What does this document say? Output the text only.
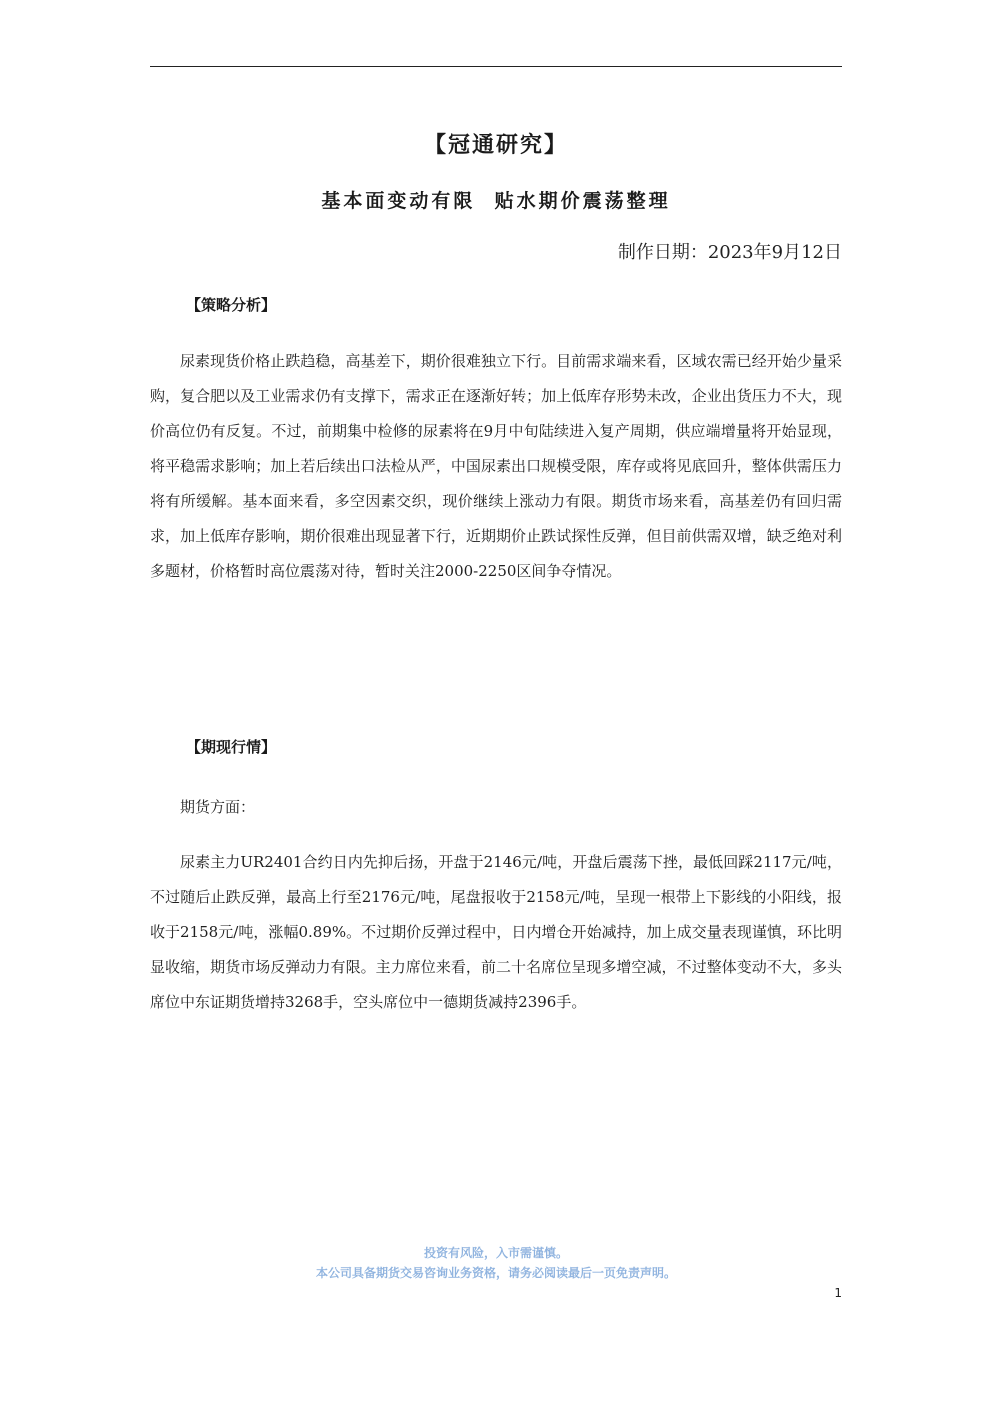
【冠通研究】
基本面变动有限  贴水期价震荡整理
制作日期：2023年9月12日
【策略分析】

尿素现货价格止跌趋稳，高基差下，期价很难独立下行。目前需求端来看，区域农需已经开始少量采购，复合肥以及工业需求仍有支撑下，需求正在逐渐好转；加上低库存形势未改，企业出货压力不大，现价高位仍有反复。不过，前期集中检修的尿素将在9月中旬陆续进入复产周期，供应端增量将开始显现，将平稳需求影响；加上若后续出口法检从严，中国尿素出口规模受限，库存或将见底回升，整体供需压力将有所缓解。基本面来看，多空因素交织，现价继续上涨动力有限。期货市场来看，高基差仍有回归需求，加上低库存影响，期价很难出现显著下行，近期期价止跌试探性反弹，但目前供需双增，缺乏绝对利多题材，价格暂时高位震荡对待，暂时关注2000-2250区间争夺情况。

【期现行情】

期货方面：

尿素主力UR2401合约日内先抑后扬，开盘于2146元/吨，开盘后震荡下挫，最低回踩2117元/吨，不过随后止跌反弹，最高上行至2176元/吨，尾盘报收于2158元/吨，呈现一根带上下影线的小阳线，报收于2158元/吨，涨幅0.89%。不过期价反弹过程中，日内增仓开始减持，加上成交量表现谨慎，环比明显收缩，期货市场反弹动力有限。主力席位来看，前二十名席位呈现多增空减，不过整体变动不大，多头席位中东证期货增持3268手，空头席位中一德期货减持2396手。

投资有风险，入市需谨慎。
本公司具备期货交易咨询业务资格，请务必阅读最后一页免责声明。
1
